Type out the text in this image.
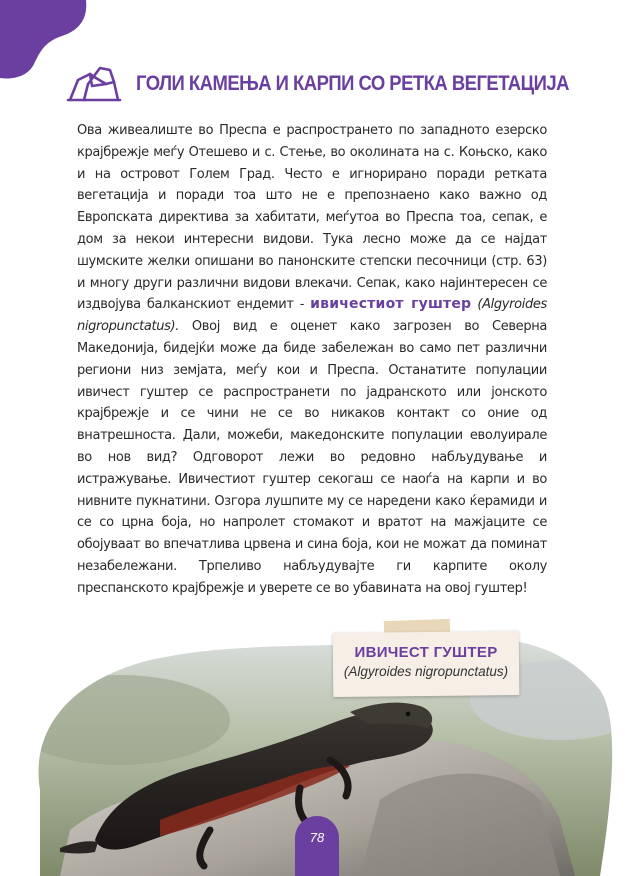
ГОЛИ КАМЕЊА И КАРПИ СО РЕТКА ВЕГЕТАЦИЈА
Ова живеалиште во Преспа е распространето по западното езерско крајбрежје меѓу Отешево и с. Стење, во околината на с. Коњско, како и на островот Голем Град. Често е игнорирано поради ретката вегетација и поради тоа што не е препознаено како важно од Европската директива за хабитати, меѓутоа во Преспа тоа, сепак, е дом за некои интересни видови. Тука лесно може да се најдат шумските желки опишани во панонските степски песочници (стр. 63) и многу други различни видови влекачи. Сепак, како најинтересен се издвојува балканскиот ендемит - ивичестиот гуштер (Algyroides nigropunctatus). Овој вид е оценет како загрозен во Северна Македонија, бидејќи може да биде забележан во само пет различни региони низ земјата, меѓу кои и Преспа. Останатите популации ивичест гуштер се распространети по јадранското или јонското крајбрежје и се чини не се во никаков контакт со оние од внатрешноста. Дали, можеби, македонските популации еволуирале во нов вид? Одговорот лежи во редовно набљудување и истражување. Ивичестиот гуштер секогаш се наоѓа на карпи и во нивните пукнатини. Озгора лушпите му се наредени како ќерамиди и се со црна боја, но напролет стомакот и вратот на мажјаците се обојуваат во впечатлива црвена и сина боја, кои не можат да поминат незабележани. Трпеливо набљудувајте ги карпите околу преспанското крајбрежје и уверете се во убавината на овој гуштер!
ИВИЧЕСТ ГУШТЕР
(Algyroides nigropunctatus)
78
